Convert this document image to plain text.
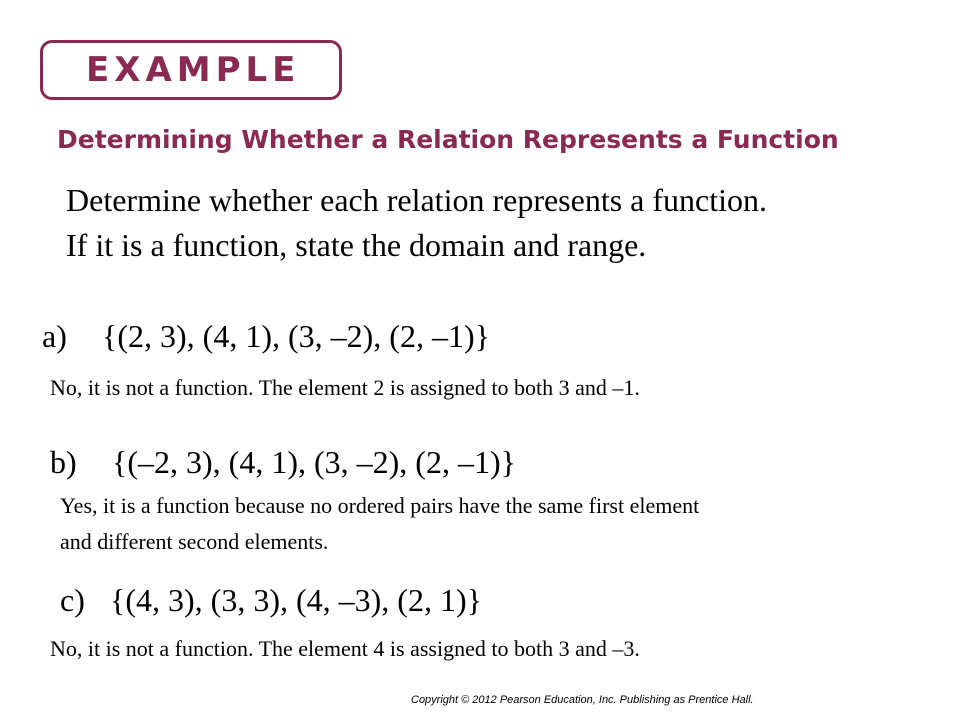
EXAMPLE
Determining Whether a Relation Represents a Function
Determine whether each relation represents a function.
If it is a function, state the domain and range.
a) {(2, 3), (4, 1), (3, –2), (2, –1)}
No, it is not a function. The element 2 is assigned to both 3 and –1.
b) {(–2, 3), (4, 1), (3, –2), (2, –1)}
Yes, it is a function because no ordered pairs have the same first element
and different second elements.
c) {(4, 3), (3, 3), (4, –3), (2, 1)}
No, it is not a function. The element 4 is assigned to both 3 and –3.
Copyright © 2012 Pearson Education, Inc. Publishing as Prentice Hall.
